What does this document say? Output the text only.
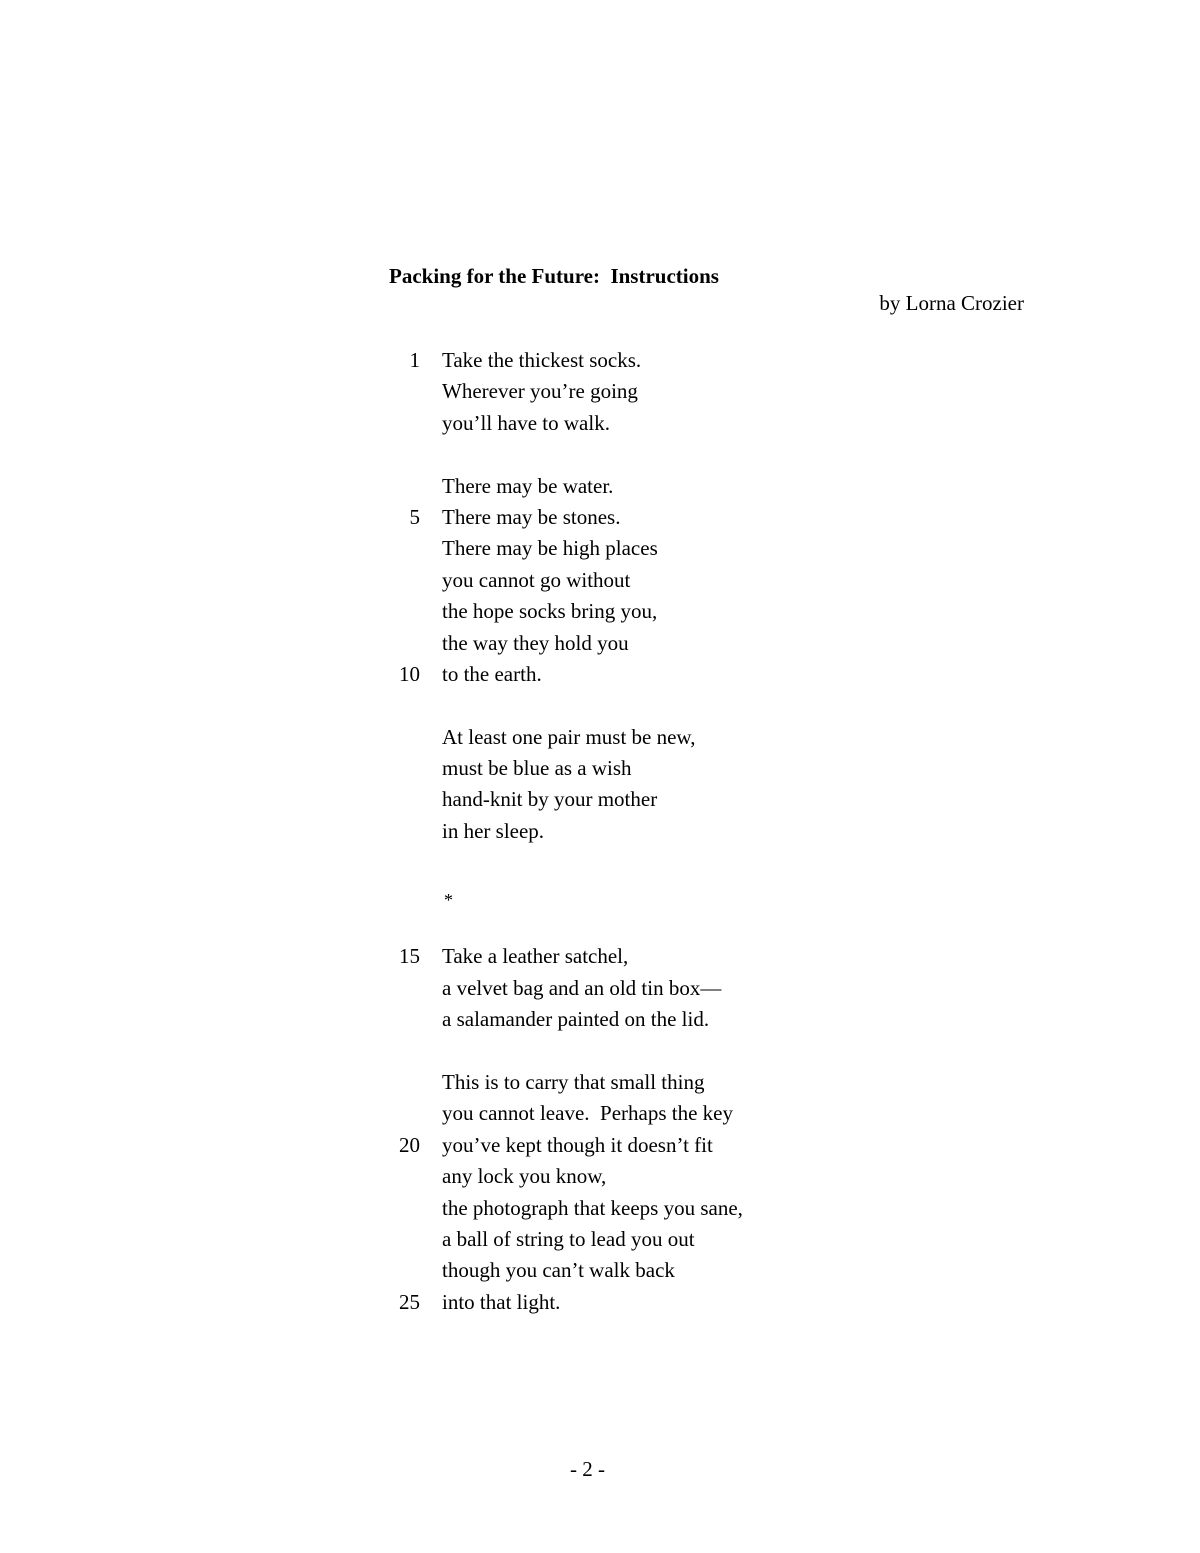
Packing for the Future:  Instructions
by Lorna Crozier
1 Take the thickest socks.
Wherever you’re going
you’ll have to walk.
There may be water.
5 There may be stones.
There may be high places
you cannot go without
the hope socks bring you,
the way they hold you
10 to the earth.
At least one pair must be new,
must be blue as a wish
hand-knit by your mother
in her sleep.
*
15 Take a leather satchel,
a velvet bag and an old tin box—
a salamander painted on the lid.
This is to carry that small thing
you cannot leave.  Perhaps the key
20 you’ve kept though it doesn’t fit
any lock you know,
the photograph that keeps you sane,
a ball of string to lead you out
though you can’t walk back
25 into that light.
- 2 -
